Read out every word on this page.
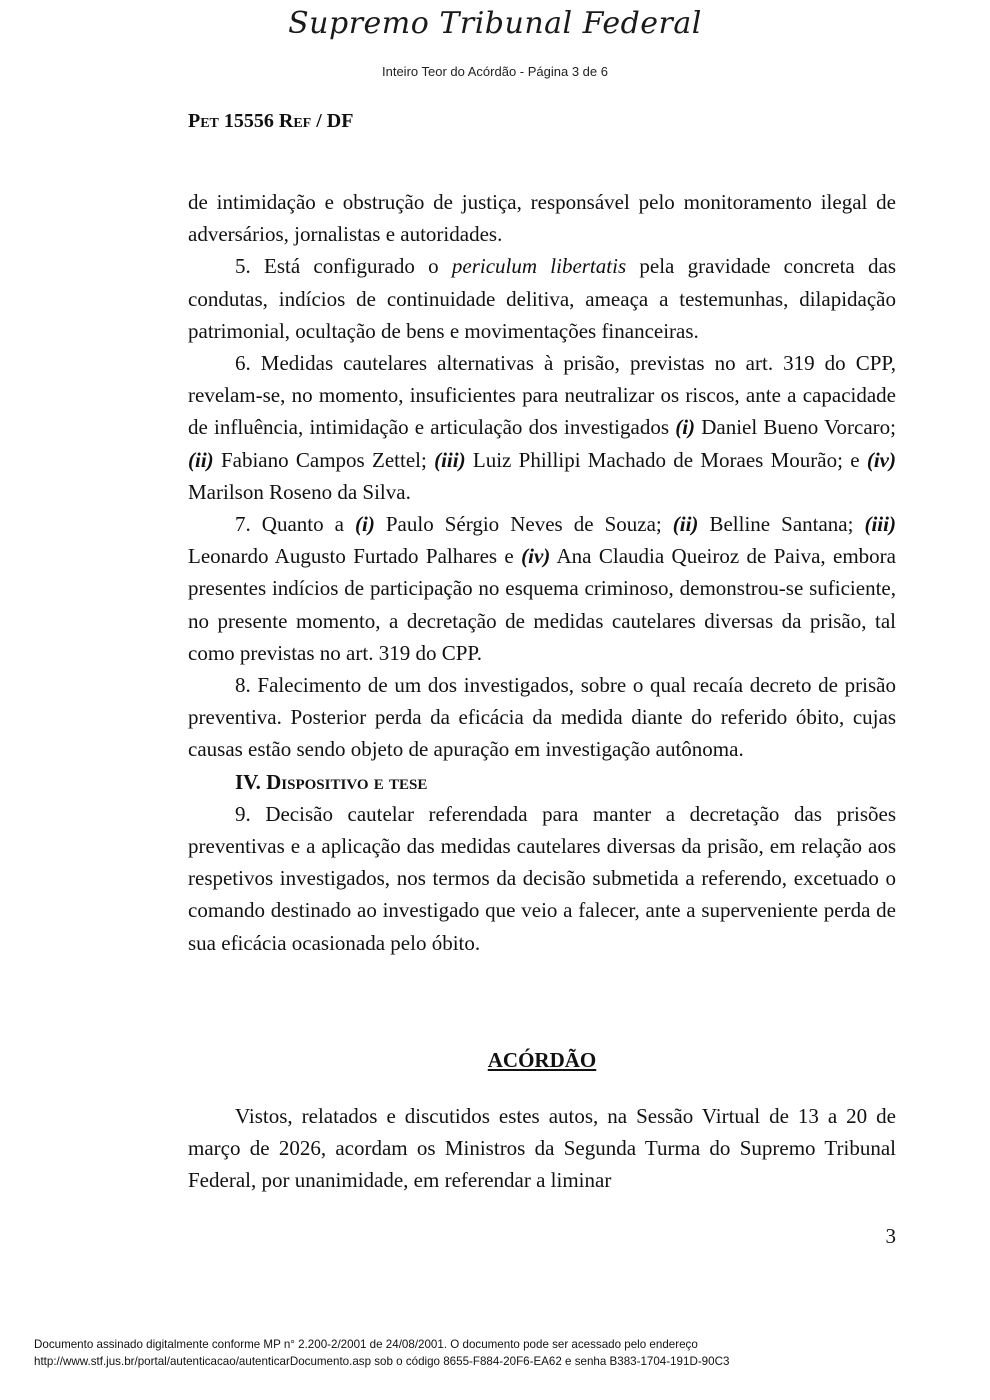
Supremo Tribunal Federal
Inteiro Teor do Acórdão - Página 3 de 6
Pet 15556 Ref / DF

de intimidação e obstrução de justiça, responsável pelo monitoramento ilegal de adversários, jornalistas e autoridades.

5. Está configurado o periculum libertatis pela gravidade concreta das condutas, indícios de continuidade delitiva, ameaça a testemunhas, dilapidação patrimonial, ocultação de bens e movimentações financeiras.

6. Medidas cautelares alternativas à prisão, previstas no art. 319 do CPP, revelam-se, no momento, insuficientes para neutralizar os riscos, ante a capacidade de influência, intimidação e articulação dos investigados (i) Daniel Bueno Vorcaro; (ii) Fabiano Campos Zettel; (iii) Luiz Phillipi Machado de Moraes Mourão; e (iv) Marilson Roseno da Silva.

7. Quanto a (i) Paulo Sérgio Neves de Souza; (ii) Belline Santana; (iii) Leonardo Augusto Furtado Palhares e (iv) Ana Claudia Queiroz de Paiva, embora presentes indícios de participação no esquema criminoso, demonstrou-se suficiente, no presente momento, a decretação de medidas cautelares diversas da prisão, tal como previstas no art. 319 do CPP.

8. Falecimento de um dos investigados, sobre o qual recaía decreto de prisão preventiva. Posterior perda da eficácia da medida diante do referido óbito, cujas causas estão sendo objeto de apuração em investigação autônoma.

IV. Dispositivo e tese

9. Decisão cautelar referendada para manter a decretação das prisões preventivas e a aplicação das medidas cautelares diversas da prisão, em relação aos respetivos investigados, nos termos da decisão submetida a referendo, excetuado o comando destinado ao investigado que veio a falecer, ante a superveniente perda de sua eficácia ocasionada pelo óbito.

ACÓRDÃO

Vistos, relatados e discutidos estes autos, na Sessão Virtual de 13 a 20 de março de 2026, acordam os Ministros da Segunda Turma do Supremo Tribunal Federal, por unanimidade, em referendar a liminar

3
Documento assinado digitalmente conforme MP n° 2.200-2/2001 de 24/08/2001. O documento pode ser acessado pelo endereço
http://www.stf.jus.br/portal/autenticacao/autenticarDocumento.asp sob o código 8655-F884-20F6-EA62 e senha B383-1704-191D-90C3
